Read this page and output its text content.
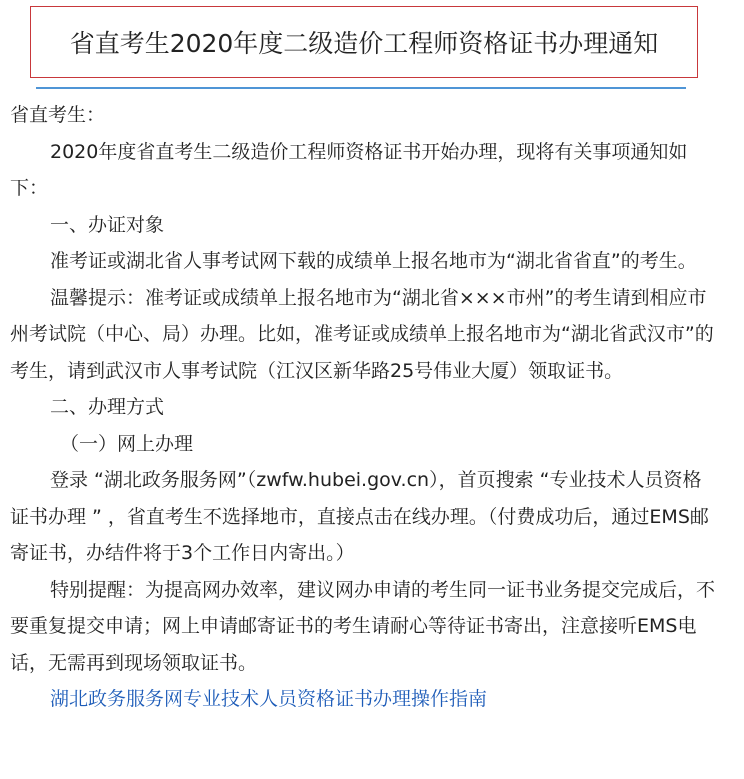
省直考生2020年度二级造价工程师资格证书办理通知

省直考生：

2020年度省直考生二级造价工程师资格证书开始办理，现将有关事项通知如下：

一、办证对象

准考证或湖北省人事考试网下载的成绩单上报名地市为“湖北省省直”的考生。

温馨提示：准考证或成绩单上报名地市为“湖北省×××市州”的考生请到相应市州考试院（中心、局）办理。比如，准考证或成绩单上报名地市为“湖北省武汉市”的考生，请到武汉市人事考试院（江汉区新华路25号伟业大厦）领取证书。

二、办理方式

（一）网上办理

登录 “湖北政务服务网”（zwfw.hubei.gov.cn），首页搜索 “专业技术人员资格证书办理 ” ，省直考生不选择地市，直接点击在线办理。（付费成功后，通过EMS邮寄证书，办结件将于3个工作日内寄出。）

特别提醒：为提高网办效率，建议网办申请的考生同一证书业务提交完成后，不要重复提交申请；网上申请邮寄证书的考生请耐心等待证书寄出，注意接听EMS电话，无需再到现场领取证书。

湖北政务服务网专业技术人员资格证书办理操作指南
